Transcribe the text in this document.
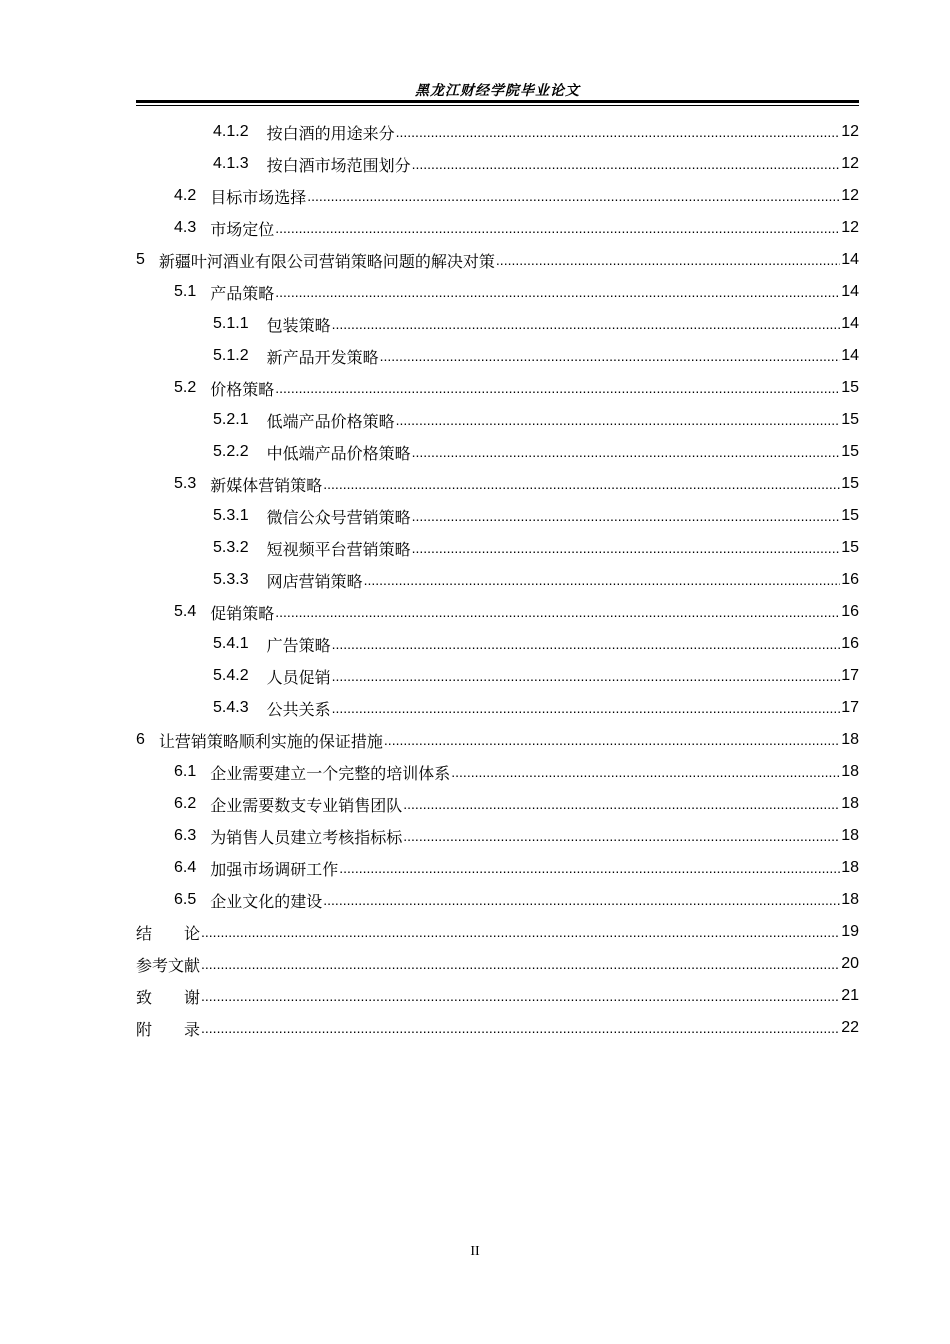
黑龙江财经学院毕业论文
4.1.2 按白酒的用途来分 .....	12
4.1.3 按白酒市场范围划分 .....	12
4.2 目标市场选择 .....	12
4.3 市场定位 .....	12
5 新疆叶河酒业有限公司营销策略问题的解决对策 .....	14
5.1 产品策略 .....	14
5.1.1 包装策略 .....	14
5.1.2 新产品开发策略 .....	14
5.2 价格策略 .....	15
5.2.1 低端产品价格策略 .....	15
5.2.2 中低端产品价格策略 .....	15
5.3 新媒体营销策略 .....	15
5.3.1 微信公众号营销策略 .....	15
5.3.2 短视频平台营销策略 .....	15
5.3.3 网店营销策略 .....	16
5.4 促销策略 .....	16
5.4.1 广告策略 .....	16
5.4.2 人员促销 .....	17
5.4.3 公共关系 .....	17
6 让营销策略顺利实施的保证措施 .....	18
6.1 企业需要建立一个完整的培训体系 .....	18
6.2 企业需要数支专业销售团队 .....	18
6.3 为销售人员建立考核指标标 .....	18
6.4 加强市场调研工作 .....	18
6.5 企业文化的建设 .....	18
结　　论 .....	19
参考文献 .....	20
致　　谢 .....	21
附　　录 .....	22
II
